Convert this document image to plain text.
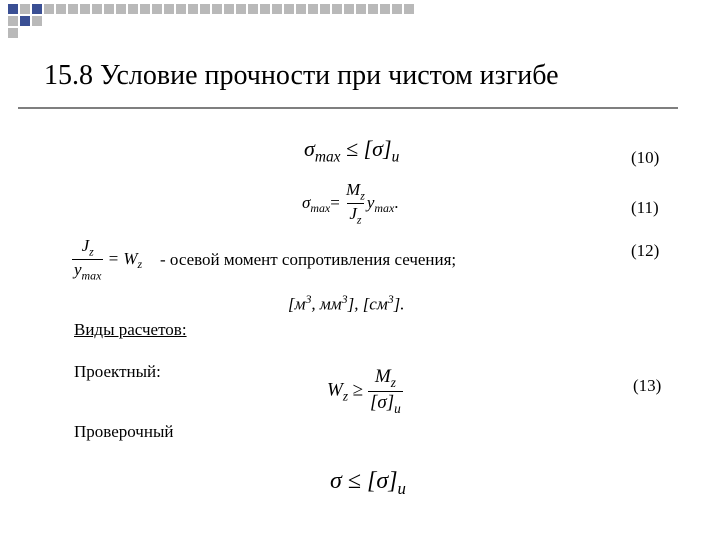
15.8 Условие прочности при чистом изгибе
$\sigma_{max} \le [\sigma]_u$	(10)
$\sigma_{max}= \frac{M_z}{J_z} y_{max}$.	(11)
$\frac{J_z}{y_{max}} = W_z$ - осевой момент сопротивления сечения;	(12)
[$м^3$, $мм^3$], $[см^3]$.
Виды расчетов:
Проектный:
$W_z \ge \frac{M_z}{[\sigma]_u}$	(13)
Проверочный
$\sigma \le [\sigma]_u$
